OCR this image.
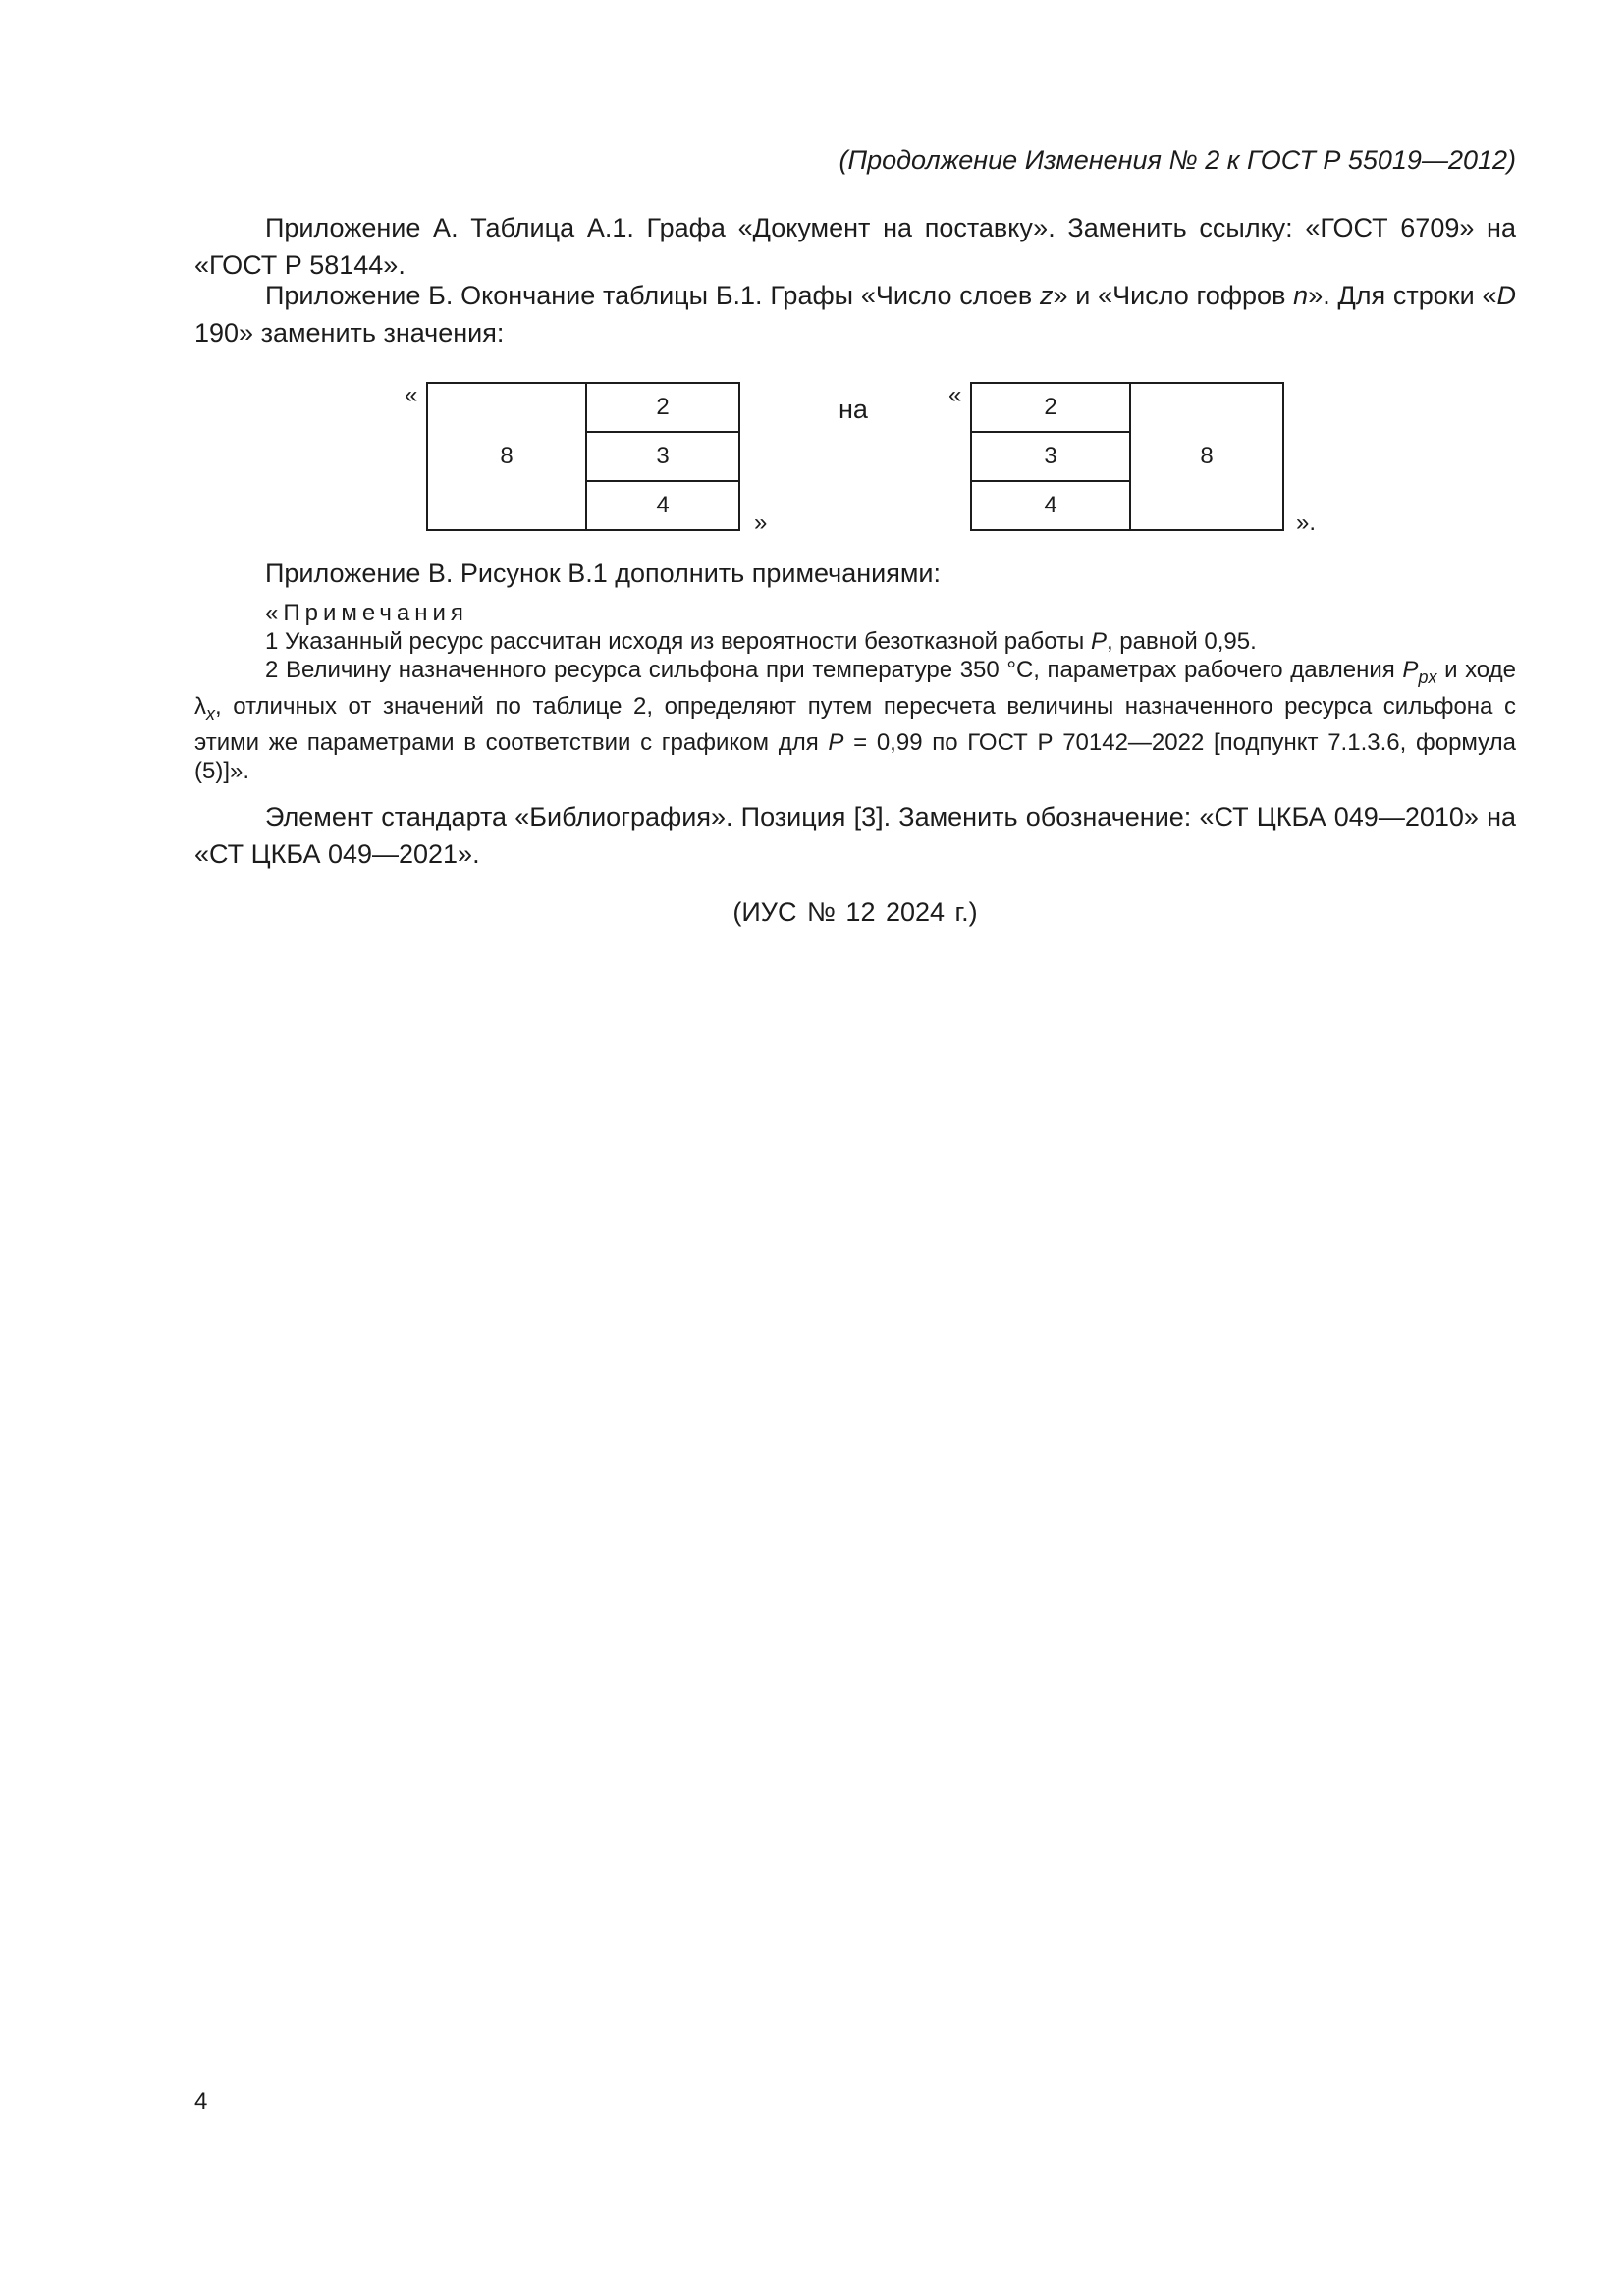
(Продолжение Изменения № 2 к ГОСТ Р 55019—2012)
Приложение А. Таблица А.1. Графа «Документ на поставку». Заменить ссылку: «ГОСТ 6709» на «ГОСТ Р 58144».
Приложение Б. Окончание таблицы Б.1. Графы «Число слоев z» и «Число гофров n». Для строки «D 190» заменить значения:
«
8	2
3
4
»
на	«	2	8
3
4
».
Приложение В. Рисунок В.1 дополнить примечаниями:
«Примечания
1 Указанный ресурс рассчитан исходя из вероятности безотказной работы P, равной 0,95.
2 Величину назначенного ресурса сильфона при температуре 350 °С, параметрах рабочего давления $P_{px}$ и ходе $\lambda_x$, отличных от значений по таблице 2, определяют путем пересчета величины назначенного ресурса сильфона с этими же параметрами в соответствии с графиком для P = 0,99 по ГОСТ Р 70142—2022 [подпункт 7.1.3.6, формула (5)]».
Элемент стандарта «Библиография». Позиция [3]. Заменить обозначение: «СТ ЦКБА 049—2010» на «СТ ЦКБА 049—2021».
(ИУС № 12 2024 г.)
4
